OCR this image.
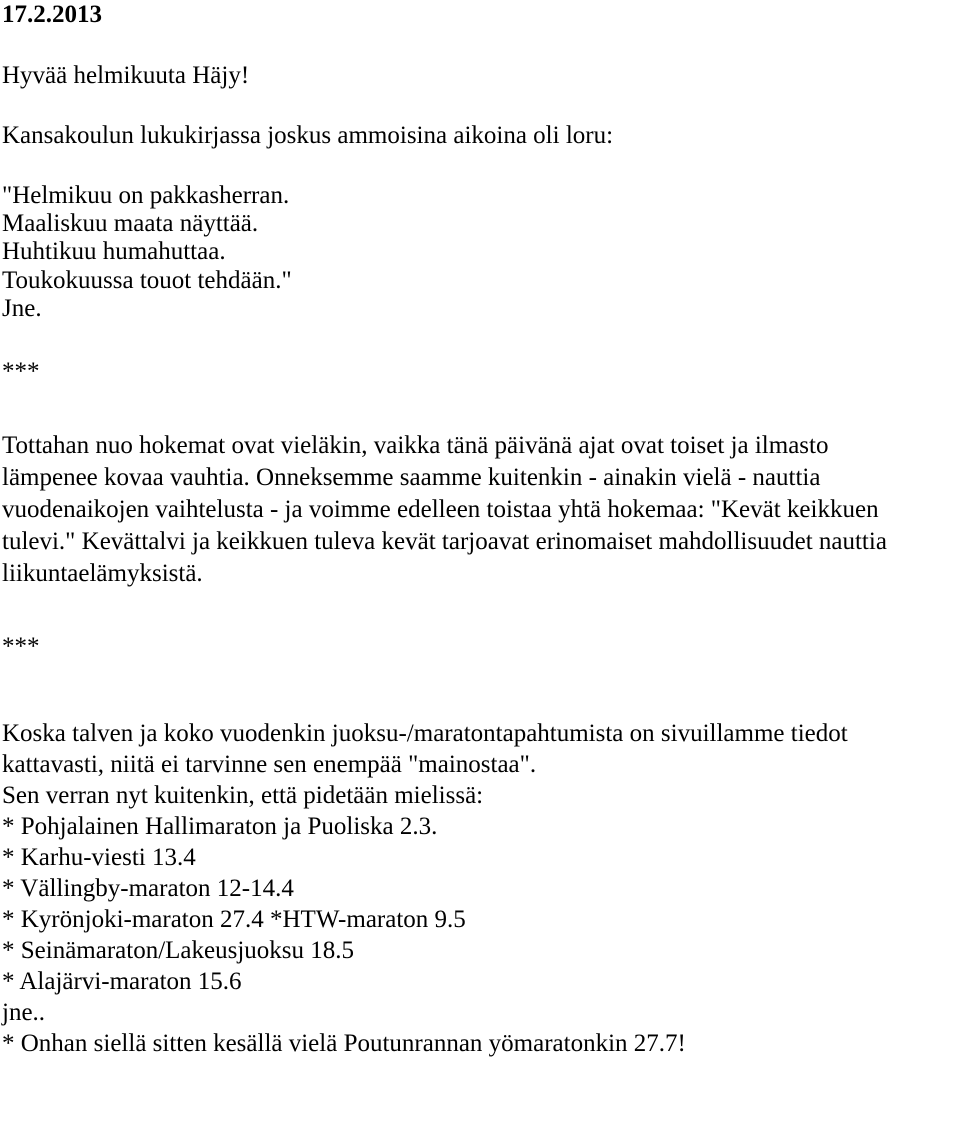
17.2.2013
Hyvää helmikuuta Häjy!
Kansakoulun lukukirjassa joskus ammoisina aikoina oli loru:
"Helmikuu on pakkasherran.
Maaliskuu maata näyttää.
Huhtikuu humahuttaa.
Toukokuussa touot tehdään."
Jne.
***
Tottahan nuo hokemat ovat vieläkin, vaikka tänä päivänä ajat ovat toiset ja ilmasto
lämpenee kovaa vauhtia. Onneksemme saamme kuitenkin - ainakin vielä - nauttia
vuodenaikojen vaihtelusta - ja voimme edelleen toistaa yhtä hokemaa: "Kevät keikkuen
tulevi." Kevättalvi ja keikkuen tuleva kevät tarjoavat erinomaiset mahdollisuudet nauttia
liikuntaelämyksistä.
***
Koska talven ja koko vuodenkin juoksu-/maratontapahtumista on sivuillamme tiedot
kattavasti, niitä ei tarvinne sen enempää "mainostaa".
Sen verran nyt kuitenkin, että pidetään mielissä:
* Pohjalainen Hallimaraton ja Puoliska 2.3.
* Karhu-viesti 13.4
* Vällingby-maraton 12-14.4
* Kyrönjoki-maraton 27.4 *HTW-maraton 9.5
* Seinämaraton/Lakeusjuoksu 18.5
* Alajärvi-maraton 15.6
jne..
* Onhan siellä sitten kesällä vielä Poutunrannan yömaratonkin 27.7!
